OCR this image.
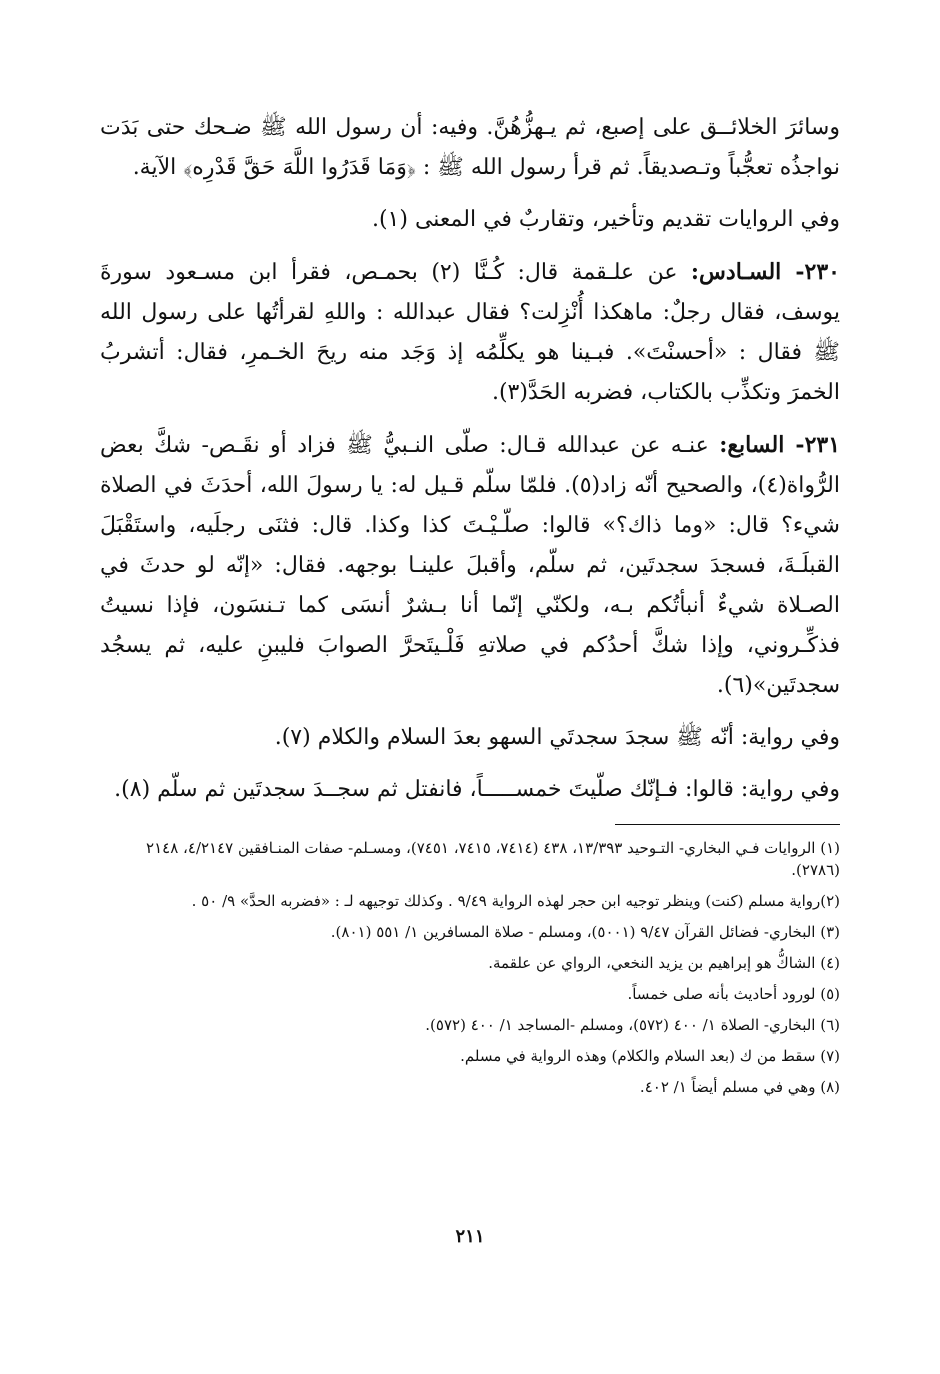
وسائرَ الخلائــق على إصبع، ثم يـهزُّهُنَّ. وفيه: أن رسول الله ﷺ ضـحك حتى بَدَت نواجذُه تعجُّباً وتـصديقاً. ثم قرأ رسول الله ﷺ : ﴿وَمَا قَدَرُوا اللَّهَ حَقَّ قَدْرِه﴾ الآية.

وفي الروايات تقديم وتأخير، وتقاربٌ في المعنى (١).

٢٣٠- السـادس: عن علـقمة قال: كُـنَّا (٢) بحمـص، فقرأ ابن مسـعود سورةَ يوسف، فقال رجلٌ: ماهكذا أُنْزِلت؟ فقال عبدالله : واللهِ لقرأتُها على رسول الله ﷺ فقال : «أحسنْتَ». فبـينا هو يكلِّمُه إذ وَجَد منه ريحَ الخـمرِ، فقال: أتشربُ الخمرَ وتكذِّب بالكتاب، فضربه الحَدَّ(٣).

٢٣١- السابع: عنـه عن عبدالله قـال: صلّى النـبيُّ ﷺ فزاد أو نقَـص- شكَّ بعض الرُّواة(٤)، والصحيح أنّه زاد(٥). فلمّا سلّم قـيل له: يا رسولَ الله، أحدَثَ في الصلاة شيء؟ قال: «وما ذاك؟» قالوا: صلّـيْـتَ كذا وكذا. قال: فثنَى رجلَيه، واستَقْبَلَ القبلَـةَ، فسجدَ سجدتَين، ثم سلّم، وأقبلَ علينـا بوجهه. فقال: «إنّه لو حدثَ في الصـلاة شيءٌ أنبأتُكم بـه، ولكنّي إنّما أنا بـشرٌ أنسَى كما تـنسَون، فإذا نسيتُ فذكِّـروني، وإذا شكَّ أحدُكم في صلاتهِ فَلْـيتَحرَّ الصوابَ فليبنِ عليه، ثم يسجُد سجدتَين»(٦).

وفي رواية: أنّه ﷺ سجدَ سجدتَي السهو بعدَ السلام والكلام (٧).

وفي رواية: قالوا: فـإنّك صلّيتَ خمســـــاً، فانفتل ثم سجــدَ سجدتَين ثم سلّم (٨).

(١) الروايات فـي البخاري- التـوحيد ١٣/٣٩٣، ٤٣٨ (٧٤١٤، ٧٤١٥، ٧٤٥١)، ومسـلم- صفات المنـافقين ٤/٢١٤٧، ٢١٤٨ (٢٧٨٦).

(٢)رواية مسلم (كنت) وينظر توجيه ابن حجر لهذه الرواية ٩/٤٩ . وكذلك توجيهه لـ : «فضربه الحدَّ» ٩/ ٥٠ .

(٣) البخاري- فضائل القرآن ٩/٤٧ (٥٠٠١)، ومسلم - صلاة المسافرين ١/ ٥٥١ (٨٠١).

(٤) الشاكُّ هو إبراهيم بن يزيد النخعي، الرواي عن علقمة.

(٥) لورود أحاديث بأنه صلى خمساً.

(٦) البخاري- الصلاة ١/ ٤٠٠ (٥٧٢)، ومسلم -المساجد ١/ ٤٠٠ (٥٧٢).

(٧) سقط من ك (بعد السلام والكلام) وهذه الرواية في مسلم.

(٨) وهي في مسلم أيضاً ١/ ٤٠٢.

٢١١
